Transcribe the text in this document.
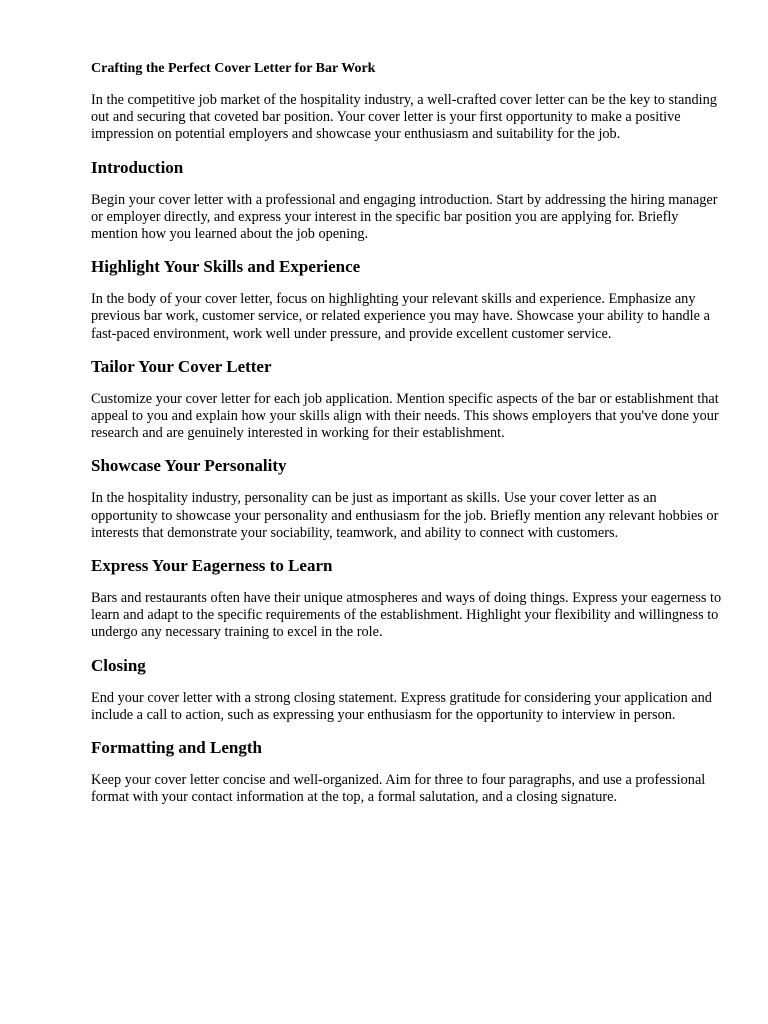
Crafting the Perfect Cover Letter for Bar Work

In the competitive job market of the hospitality industry, a well-crafted cover letter can be the key to standing out and securing that coveted bar position. Your cover letter is your first opportunity to make a positive impression on potential employers and showcase your enthusiasm and suitability for the job.

Introduction

Begin your cover letter with a professional and engaging introduction. Start by addressing the hiring manager or employer directly, and express your interest in the specific bar position you are applying for. Briefly mention how you learned about the job opening.

Highlight Your Skills and Experience

In the body of your cover letter, focus on highlighting your relevant skills and experience. Emphasize any previous bar work, customer service, or related experience you may have. Showcase your ability to handle a fast-paced environment, work well under pressure, and provide excellent customer service.

Tailor Your Cover Letter

Customize your cover letter for each job application. Mention specific aspects of the bar or establishment that appeal to you and explain how your skills align with their needs. This shows employers that you've done your research and are genuinely interested in working for their establishment.

Showcase Your Personality

In the hospitality industry, personality can be just as important as skills. Use your cover letter as an opportunity to showcase your personality and enthusiasm for the job. Briefly mention any relevant hobbies or interests that demonstrate your sociability, teamwork, and ability to connect with customers.

Express Your Eagerness to Learn

Bars and restaurants often have their unique atmospheres and ways of doing things. Express your eagerness to learn and adapt to the specific requirements of the establishment. Highlight your flexibility and willingness to undergo any necessary training to excel in the role.

Closing

End your cover letter with a strong closing statement. Express gratitude for considering your application and include a call to action, such as expressing your enthusiasm for the opportunity to interview in person.

Formatting and Length

Keep your cover letter concise and well-organized. Aim for three to four paragraphs, and use a professional format with your contact information at the top, a formal salutation, and a closing signature.
